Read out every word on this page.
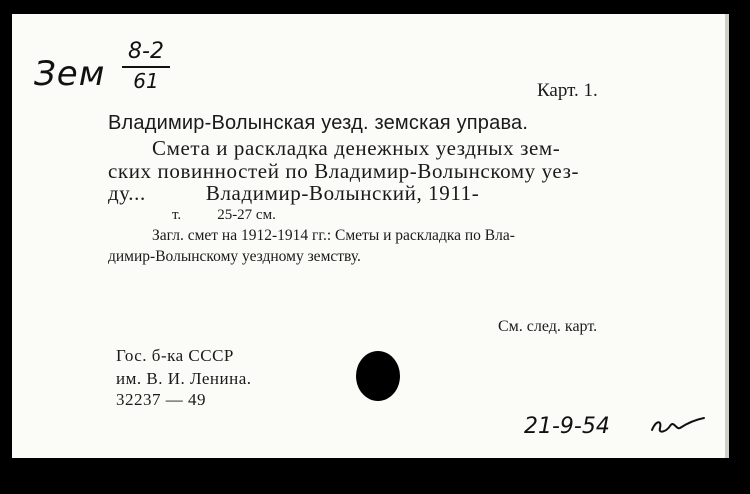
Зем
8-2
61	Карт. 1.
Владимир-Волынская уезд. земская управа.
Смета и раскладка денежных уездных зем-
ских повинностей по Владимир-Волынскому уез-
ду...	Владимир-Волынский, 1911-
т. 25-27 см.
Загл. смет на 1912-1914 гг.: Сметы и раскладка по Вла-
димир-Волынскому уездному земству.
См. след. карт.
Гос. б-ка СССР
им. В. И. Ленина.
32237 — 49
21-9-54
